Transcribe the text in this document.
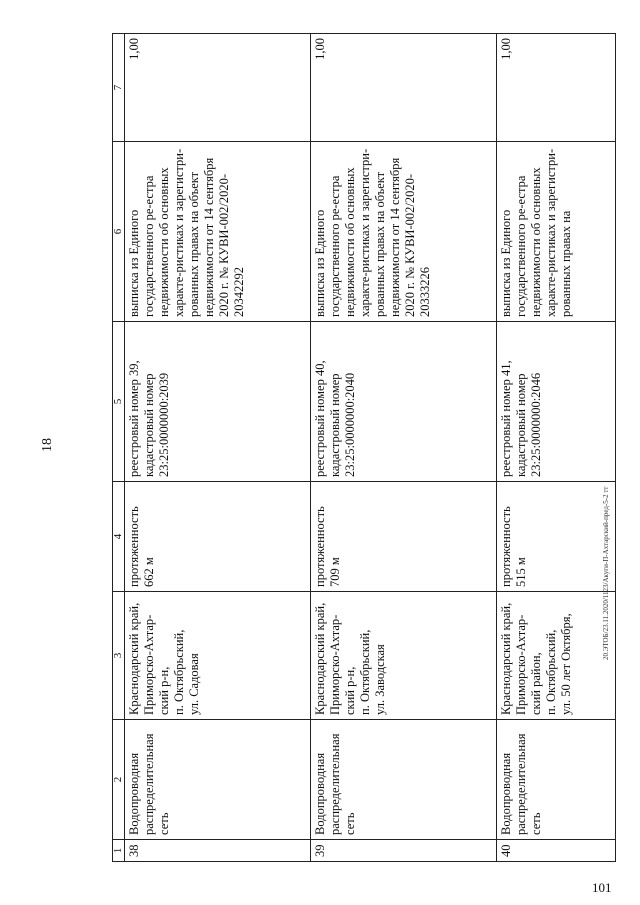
18
20.ЭТОБ/23.11.2020/1123/Акуги-П-Ахтарский-пред-5-2 тт
101
1	2	3	4	5	6	7
38	Водопроводная распределительная сеть	Краснодарский край,
Приморско-Ахтар-ский р-н,
п. Октябрьский,
ул. Садовая	протяженность 662 м	реестровый номер 39,
кадастровый номер 23:25:0000000:2039	выписка из Единого государственного ре-естра недвижимости об основных характе-ристиках и зарегистри-рованных правах на объект недвижимости от 14 сентября 2020 г. № КУВИ-002/2020-20342292	1,00
39	Водопроводная распределительная сеть	Краснодарский край,
Приморско-Ахтар-ский р-н,
п. Октябрьский,
ул. Заводская	протяженность 709 м	реестровый номер 40,
кадастровый номер 23:25:0000000:2040	выписка из Единого государственного ре-естра недвижимости об основных характе-ристиках и зарегистри-рованных правах на объект недвижимости от 14 сентября 2020 г. № КУВИ-002/2020-20333226	1,00
40	Водопроводная распределительная сеть	Краснодарский край,
Приморско-Ахтар-ский район,
п. Октябрьский,
ул. 50 лет Октября,	протяженность 515 м	реестровый номер 41,
кадастровый номер 23:25:0000000:2046	выписка из Единого государственного ре-естра недвижимости об основных характе-ристиках и зарегистри-рованных правах на	1,00
